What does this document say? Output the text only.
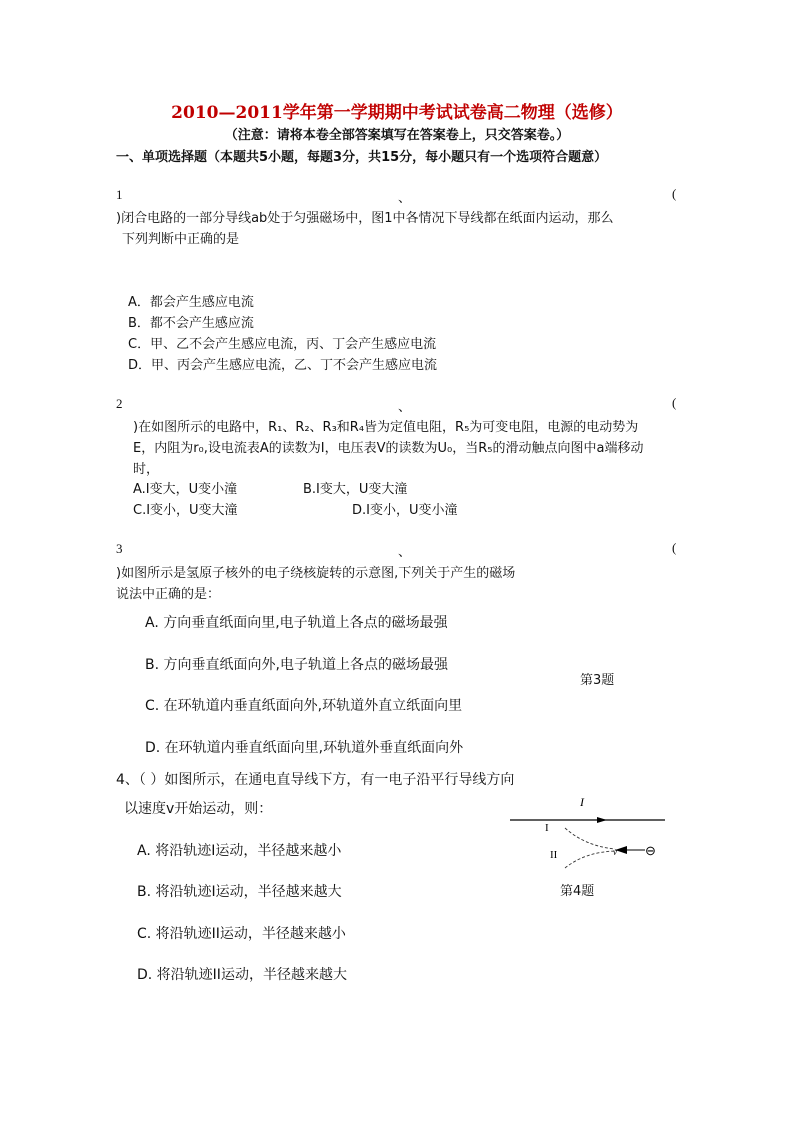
2010—2011学年第一学期期中考试试卷高二物理（选修）
（注意：请将本卷全部答案填写在答案卷上，只交答案卷。）
一、单项选择题（本题共5小题，每题3分，共15分，每小题只有一个选项符合题意）
1	、	(
)闭合电路的一部分导线ab处于匀强磁场中，图1中各情况下导线都在纸面内运动，那么
下列判断中正确的是
A．都会产生感应电流
B．都不会产生感应流
C．甲、乙不会产生感应电流，丙、丁会产生感应电流
D．甲、丙会产生感应电流，乙、丁不会产生感应电流
2	、	(
)在如图所示的电路中，R₁、R₂、R₃和R₄皆为定值电阻，R₅为可变电阻，电源的电动势为
E，内阻为r₀,设电流表A的读数为I，电压表V的读数为U₀，当R₅的滑动触点向图中a端移动
时，
A.I变大，U变小潼	B.I变大，U变大潼
C.I变小，U变大潼	D.I变小，U变小潼
3	、	(
)如图所示是氢原子核外的电子绕核旋转的示意图,下列关于产生的磁场
说法中正确的是：
A. 方向垂直纸面向里,电子轨道上各点的磁场最强
B. 方向垂直纸面向外,电子轨道上各点的磁场最强
C. 在环轨道内垂直纸面向外,环轨道外直立纸面向里
D. 在环轨道内垂直纸面向里,环轨道外垂直纸面向外
第3题
4、（ ）如图所示，在通电直导线下方，有一电子沿平行导线方向
以速度v开始运动，则：
A. 将沿轨迹I运动，半径越来越小
B. 将沿轨迹I运动，半径越来越大
C. 将沿轨迹II运动，半径越来越小
D. 将沿轨迹II运动，半径越来越大
I
I
II	v ⊖
第4题
